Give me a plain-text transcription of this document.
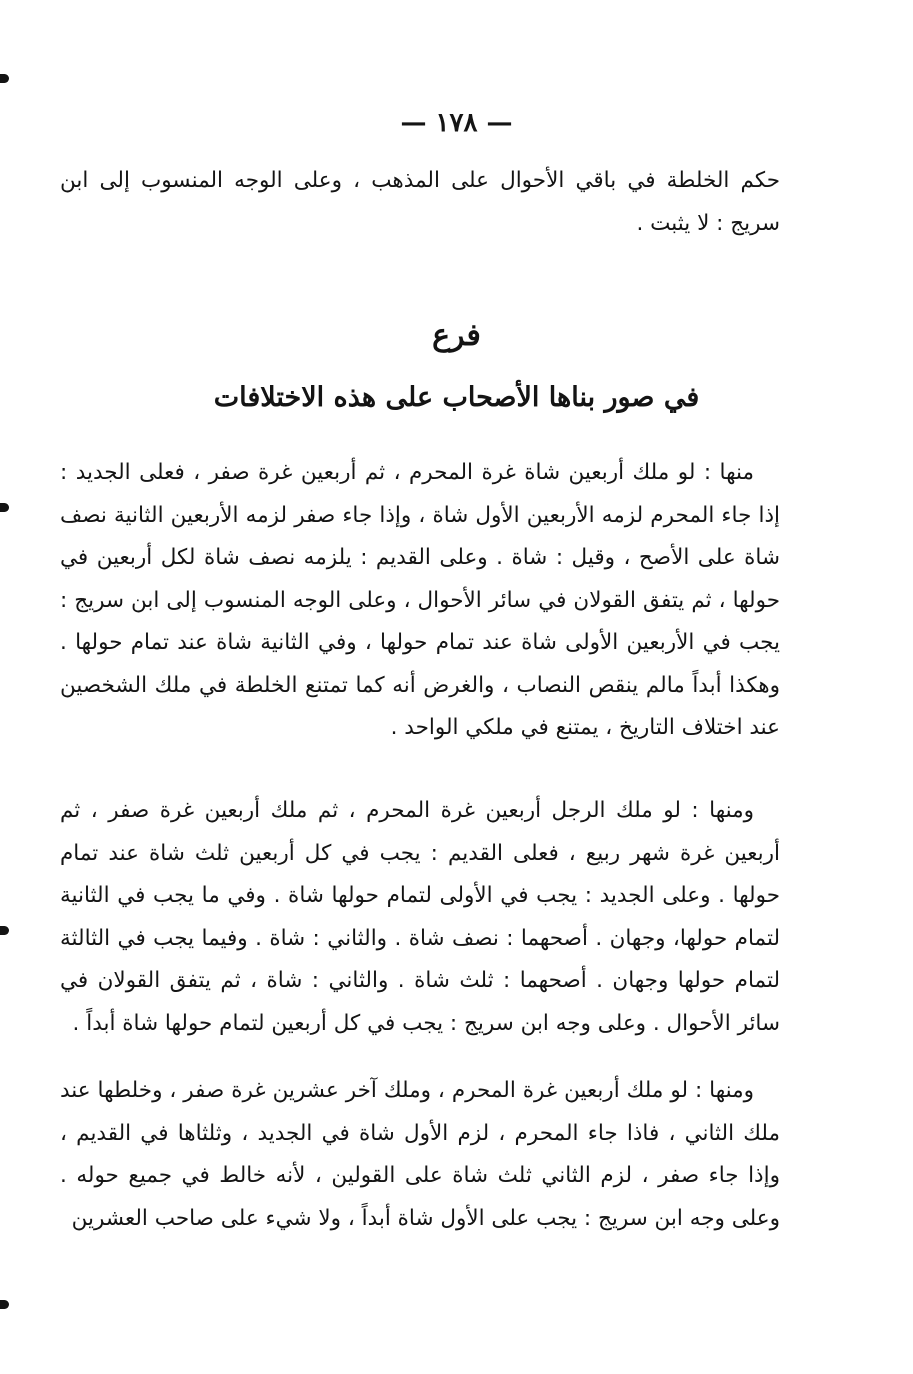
— ١٧٨ —

حكم الخلطة في باقي الأحوال على المذهب ، وعلى الوجه المنسوب إلى ابن سريج : لا يثبت .

فرع
في صور بناها الأصحاب على هذه الاختلافات

منها : لو ملك أربعين شاة غرة المحرم ، ثم أربعين غرة صفر ، فعلى الجديد : إذا جاء المحرم لزمه الأربعين الأول شاة ، وإذا جاء صفر لزمه الأربعين الثانية نصف شاة على الأصح ، وقيل : شاة . وعلى القديم : يلزمه نصف شاة لكل أربعين في حولها ، ثم يتفق القولان في سائر الأحوال ، وعلى الوجه المنسوب إلى ابن سريج : يجب في الأربعين الأولى شاة عند تمام حولها ، وفي الثانية شاة عند تمام حولها . وهكذا أبداً مالم ينقص النصاب ، والغرض أنه كما تمتنع الخلطة في ملك الشخصين عند اختلاف التاريخ ، يمتنع في ملكي الواحد .

ومنها : لو ملك الرجل أربعين غرة المحرم ، ثم ملك أربعين غرة صفر ، ثم أربعين غرة شهر ربيع ، فعلى القديم : يجب في كل أربعين ثلث شاة عند تمام حولها . وعلى الجديد : يجب في الأولى لتمام حولها شاة . وفي ما يجب في الثانية لتمام حولها، وجهان . أصحهما : نصف شاة . والثاني : شاة . وفيما يجب في الثالثة لتمام حولها وجهان . أصحهما : ثلث شاة . والثاني : شاة ، ثم يتفق القولان في سائر الأحوال . وعلى وجه ابن سريج : يجب في كل أربعين لتمام حولها شاة أبداً .

ومنها : لو ملك أربعين غرة المحرم ، وملك آخر عشرين غرة صفر ، وخلطها عند ملك الثاني ، فاذا جاء المحرم ، لزم الأول شاة في الجديد ، وثلثاها في القديم ، وإذا جاء صفر ، لزم الثاني ثلث شاة على القولين ، لأنه خالط في جميع حوله . وعلى وجه ابن سريج : يجب على الأول شاة أبداً ، ولا شيء على صاحب العشرين
